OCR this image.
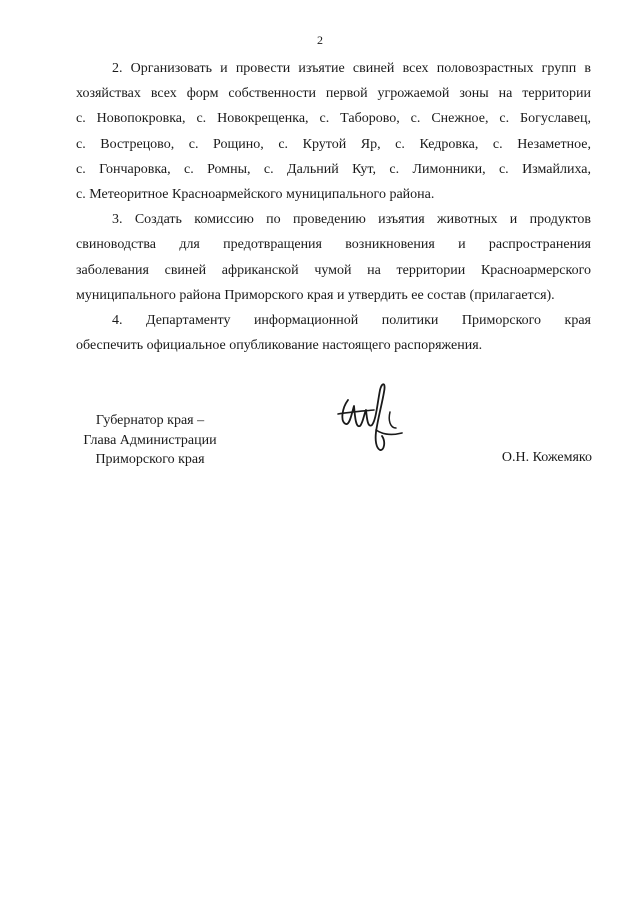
2
2. Организовать и провести изъятие свиней всех половозрастных групп в
хозяйствах всех форм собственности первой угрожаемой зоны на территории
с. Новопокровка, с. Новокрещенка, с. Таборово, с. Снежное, с. Богуславец,
с. Вострецово, с. Рощино, с. Крутой Яр, с. Кедровка, с. Незаметное,
с. Гончаровка, с. Ромны, с. Дальний Кут, с. Лимонники, с. Измайлиха,
с. Метеоритное Красноармейского муниципального района.
3. Создать комиссию по проведению изъятия животных и продуктов
свиноводства для предотвращения возникновения и распространения
заболевания свиней африканской чумой на территории Красноармерского
муниципального района Приморского края и утвердить ее состав (прилагается).
4. Департаменту информационной политики Приморского края
обеспечить официальное опубликование настоящего распоряжения.
Губернатор края –
Глава Администрации
Приморского края	О.Н. Кожемяко
